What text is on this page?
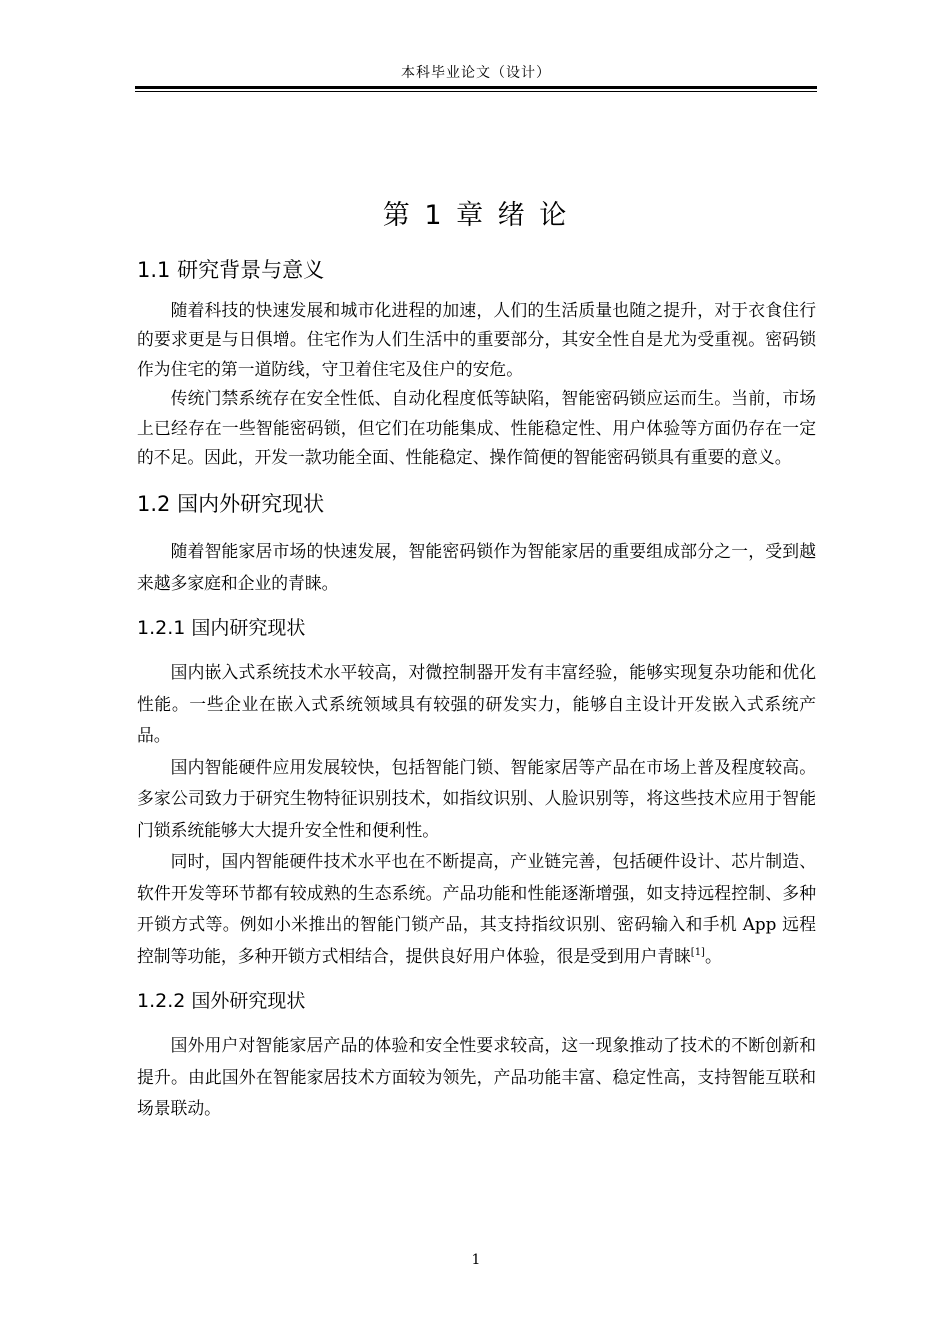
本科毕业论文（设计）
第 1 章 绪 论
1.1 研究背景与意义

随着科技的快速发展和城市化进程的加速，人们的生活质量也随之提升，对于衣食住行的要求更是与日俱增。住宅作为人们生活中的重要部分，其安全性自是尤为受重视。密码锁作为住宅的第一道防线，守卫着住宅及住户的安危。

传统门禁系统存在安全性低、自动化程度低等缺陷，智能密码锁应运而生。当前，市场上已经存在一些智能密码锁，但它们在功能集成、性能稳定性、用户体验等方面仍存在一定的不足。因此，开发一款功能全面、性能稳定、操作简便的智能密码锁具有重要的意义。

1.2 国内外研究现状

随着智能家居市场的快速发展，智能密码锁作为智能家居的重要组成部分之一，受到越来越多家庭和企业的青睐。

1.2.1 国内研究现状

国内嵌入式系统技术水平较高，对微控制器开发有丰富经验，能够实现复杂功能和优化性能。一些企业在嵌入式系统领域具有较强的研发实力，能够自主设计开发嵌入式系统产品。

国内智能硬件应用发展较快，包括智能门锁、智能家居等产品在市场上普及程度较高。多家公司致力于研究生物特征识别技术，如指纹识别、人脸识别等，将这些技术应用于智能门锁系统能够大大提升安全性和便利性。

同时，国内智能硬件技术水平也在不断提高，产业链完善，包括硬件设计、芯片制造、软件开发等环节都有较成熟的生态系统。产品功能和性能逐渐增强，如支持远程控制、多种开锁方式等。例如小米推出的智能门锁产品，其支持指纹识别、密码输入和手机 App 远程控制等功能，多种开锁方式相结合，提供良好用户体验，很是受到用户青睐[1]。

1.2.2 国外研究现状

国外用户对智能家居产品的体验和安全性要求较高，这一现象推动了技术的不断创新和提升。由此国外在智能家居技术方面较为领先，产品功能丰富、稳定性高，支持智能互联和场景联动。

1
